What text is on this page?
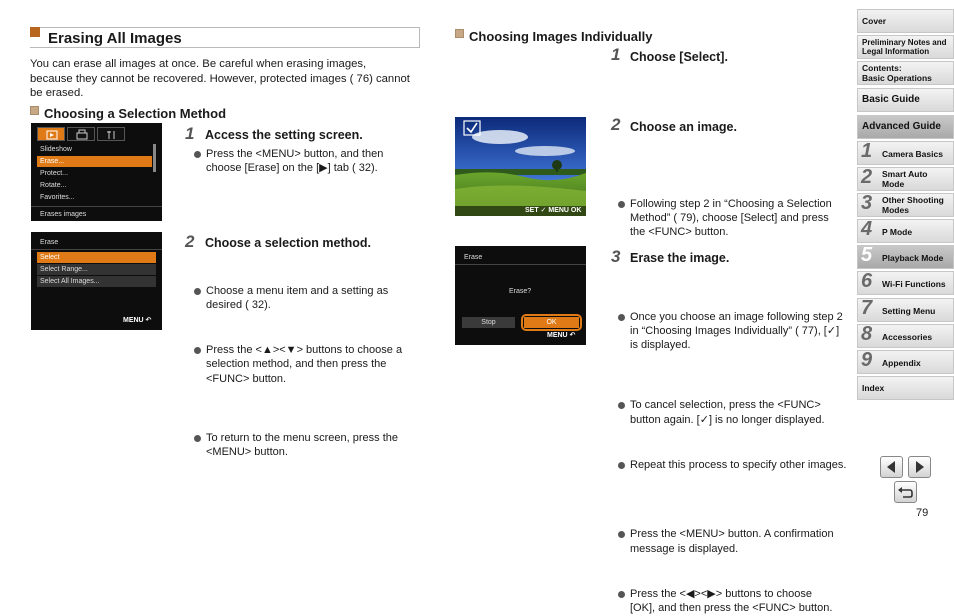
Erasing All Images
You can erase all images at once. Be careful when erasing images, because they cannot be recovered. However, protected images ( 76) cannot be erased.
Choosing a Selection Method
Slideshow
Erase...
Protect...
Rotate...
Favorites...
Erases images
1 Access the setting screen.
Press the <MENU> button, and then choose [Erase] on the [▶] tab ( 32).
Erase
Select
Select Range...
Select All Images...
MENU ↶
2 Choose a selection method.
Choose a menu item and a setting as desired ( 32).
Press the <▲><▼> buttons to choose a selection method, and then press the <FUNC> button.
To return to the menu screen, press the <MENU> button.
Choosing Images Individually
1 Choose [Select].
Following step 2 in “Choosing a Selection Method” ( 79), choose [Select] and press the <FUNC> button.
SET ✓ MENU OK
2 Choose an image.
Once you choose an image following step 2 in “Choosing Images Individually” ( 77), [✓] is displayed.
To cancel selection, press the <FUNC> button again. [✓] is no longer displayed.
Repeat this process to specify other images.
Erase
Erase?
Stop	OK
MENU ↶
3 Erase the image.
Press the <MENU> button. A confirmation message is displayed.
Press the <◀><▶> buttons to choose [OK], and then press the <FUNC> button.
Cover
Preliminary Notes and Legal Information
Contents:
Basic Operations
Basic Guide
Advanced Guide
1 Camera Basics
2 Smart Auto Mode
3 Other Shooting Modes
4 P Mode
5 Playback Mode
6 Wi-Fi Functions
7 Setting Menu
8 Accessories
9 Appendix
Index
79
